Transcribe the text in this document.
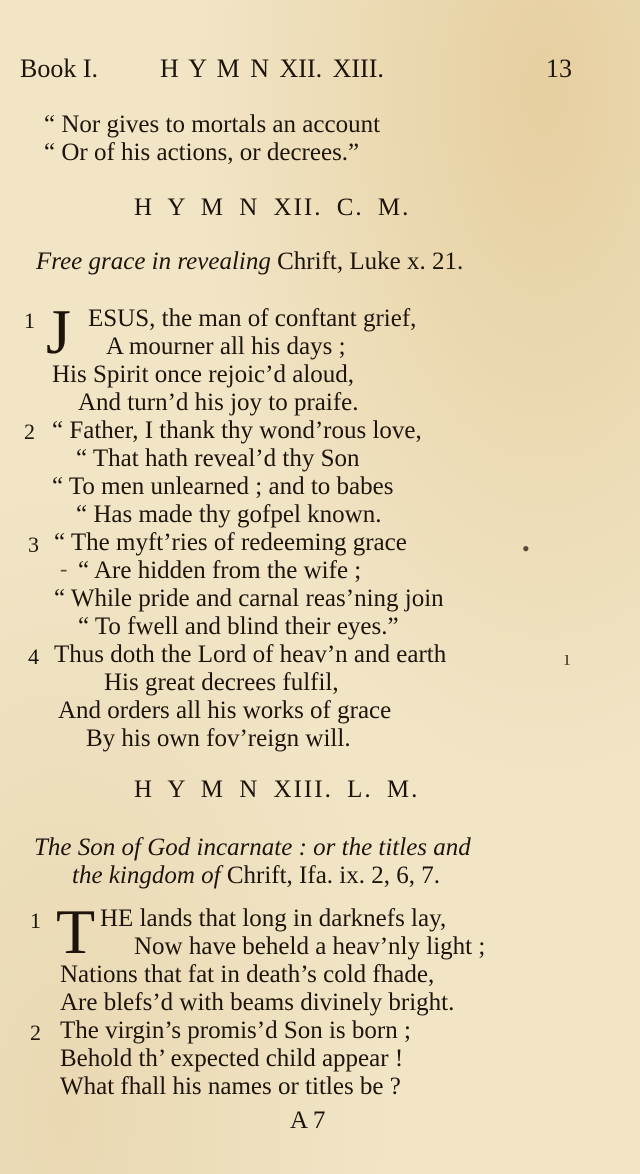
Book I. H Y M N XII. XIII.	13
“ Nor gives to mortals an account
“ Or of his actions, or decrees.”
H Y M N XII. C. M.
Free grace in revealing Chrift, Luke x. 21.
1 J ESUS, the man of conftant grief,
A mourner all his days ;
His Spirit once rejoic’d aloud,
And turn’d his joy to praife.
2 “ Father, I thank thy wond’rous love,
“ That hath reveal’d thy Son
“ To men unlearned ; and to babes
“ Has made thy gofpel known.
3 “ The myft’ries of redeeming grace
“ Are hidden from the wife ;
“ While pride and carnal reas’ning join
“ To fwell and blind their eyes.”
4 Thus doth the Lord of heav’n and earth
His great decrees fulfil,
And orders all his works of grace
By his own fov’reign will.
H Y M N XIII. L. M.
The Son of God incarnate : or the titles and
the kingdom of Chrift, Ifa. ix. 2, 6, 7.
1 T HE lands that long in darknefs lay,
Now have beheld a heav’nly light ;
Nations that fat in death’s cold fhade,
Are blefs’d with beams divinely bright.
2 The virgin’s promis’d Son is born ;
Behold th’ expected child appear !
What fhall his names or titles be ?
A 7
•
-
ı
